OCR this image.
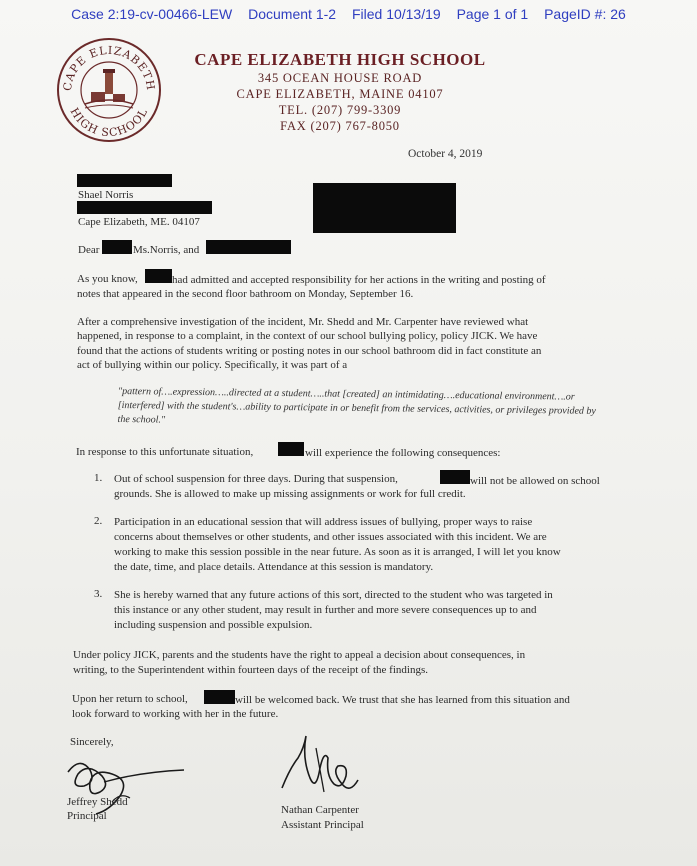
Case 2:19-cv-00466-LEW Document 1-2 Filed 10/13/19 Page 1 of 1 PageID #: 26
CAPE ELIZABETH
HIGH SCHOOL
CAPE ELIZABETH HIGH SCHOOL
345 OCEAN HOUSE ROAD
CAPE ELIZABETH, MAINE 04107
TEL. (207) 799-3309
FAX (207) 767-8050
October 4, 2019
Shael Norris
Cape Elizabeth, ME. 04107
Dear	Ms.Norris, and
As you know,	had admitted and accepted responsibility for her actions in the writing and posting of
notes that appeared in the second floor bathroom on Monday, September 16.
After a comprehensive investigation of the incident, Mr. Shedd and Mr. Carpenter have reviewed what
happened, in response to a complaint, in the context of our school bullying policy, policy JICK. We have
found that the actions of students writing or posting notes in our school bathroom did in fact constitute an
act of bullying within our policy. Specifically, it was part of a
"pattern of….expression…..directed at a student…..that [created] an intimidating….educational environment….or
[interfered] with the student's…ability to participate in or benefit from the services, activities, or privileges provided by
the school."
In response to this unfortunate situation,	will experience the following consequences:
1. Out of school suspension for three days. During that suspension,	will not be allowed on school
grounds. She is allowed to make up missing assignments or work for full credit.
2. Participation in an educational session that will address issues of bullying, proper ways to raise
concerns about themselves or other students, and other issues associated with this incident. We are
working to make this session possible in the near future. As soon as it is arranged, I will let you know
the date, time, and place details. Attendance at this session is mandatory.
3. She is hereby warned that any future actions of this sort, directed to the student who was targeted in
this instance or any other student, may result in further and more severe consequences up to and
including suspension and possible expulsion.
Under policy JICK, parents and the students have the right to appeal a decision about consequences, in
writing, to the Superintendent within fourteen days of the receipt of the findings.
Upon her return to school,	will be welcomed back. We trust that she has learned from this situation and
look forward to working with her in the future.
Sincerely,
Jeffrey Shedd
Principal	Nathan Carpenter
Assistant Principal
